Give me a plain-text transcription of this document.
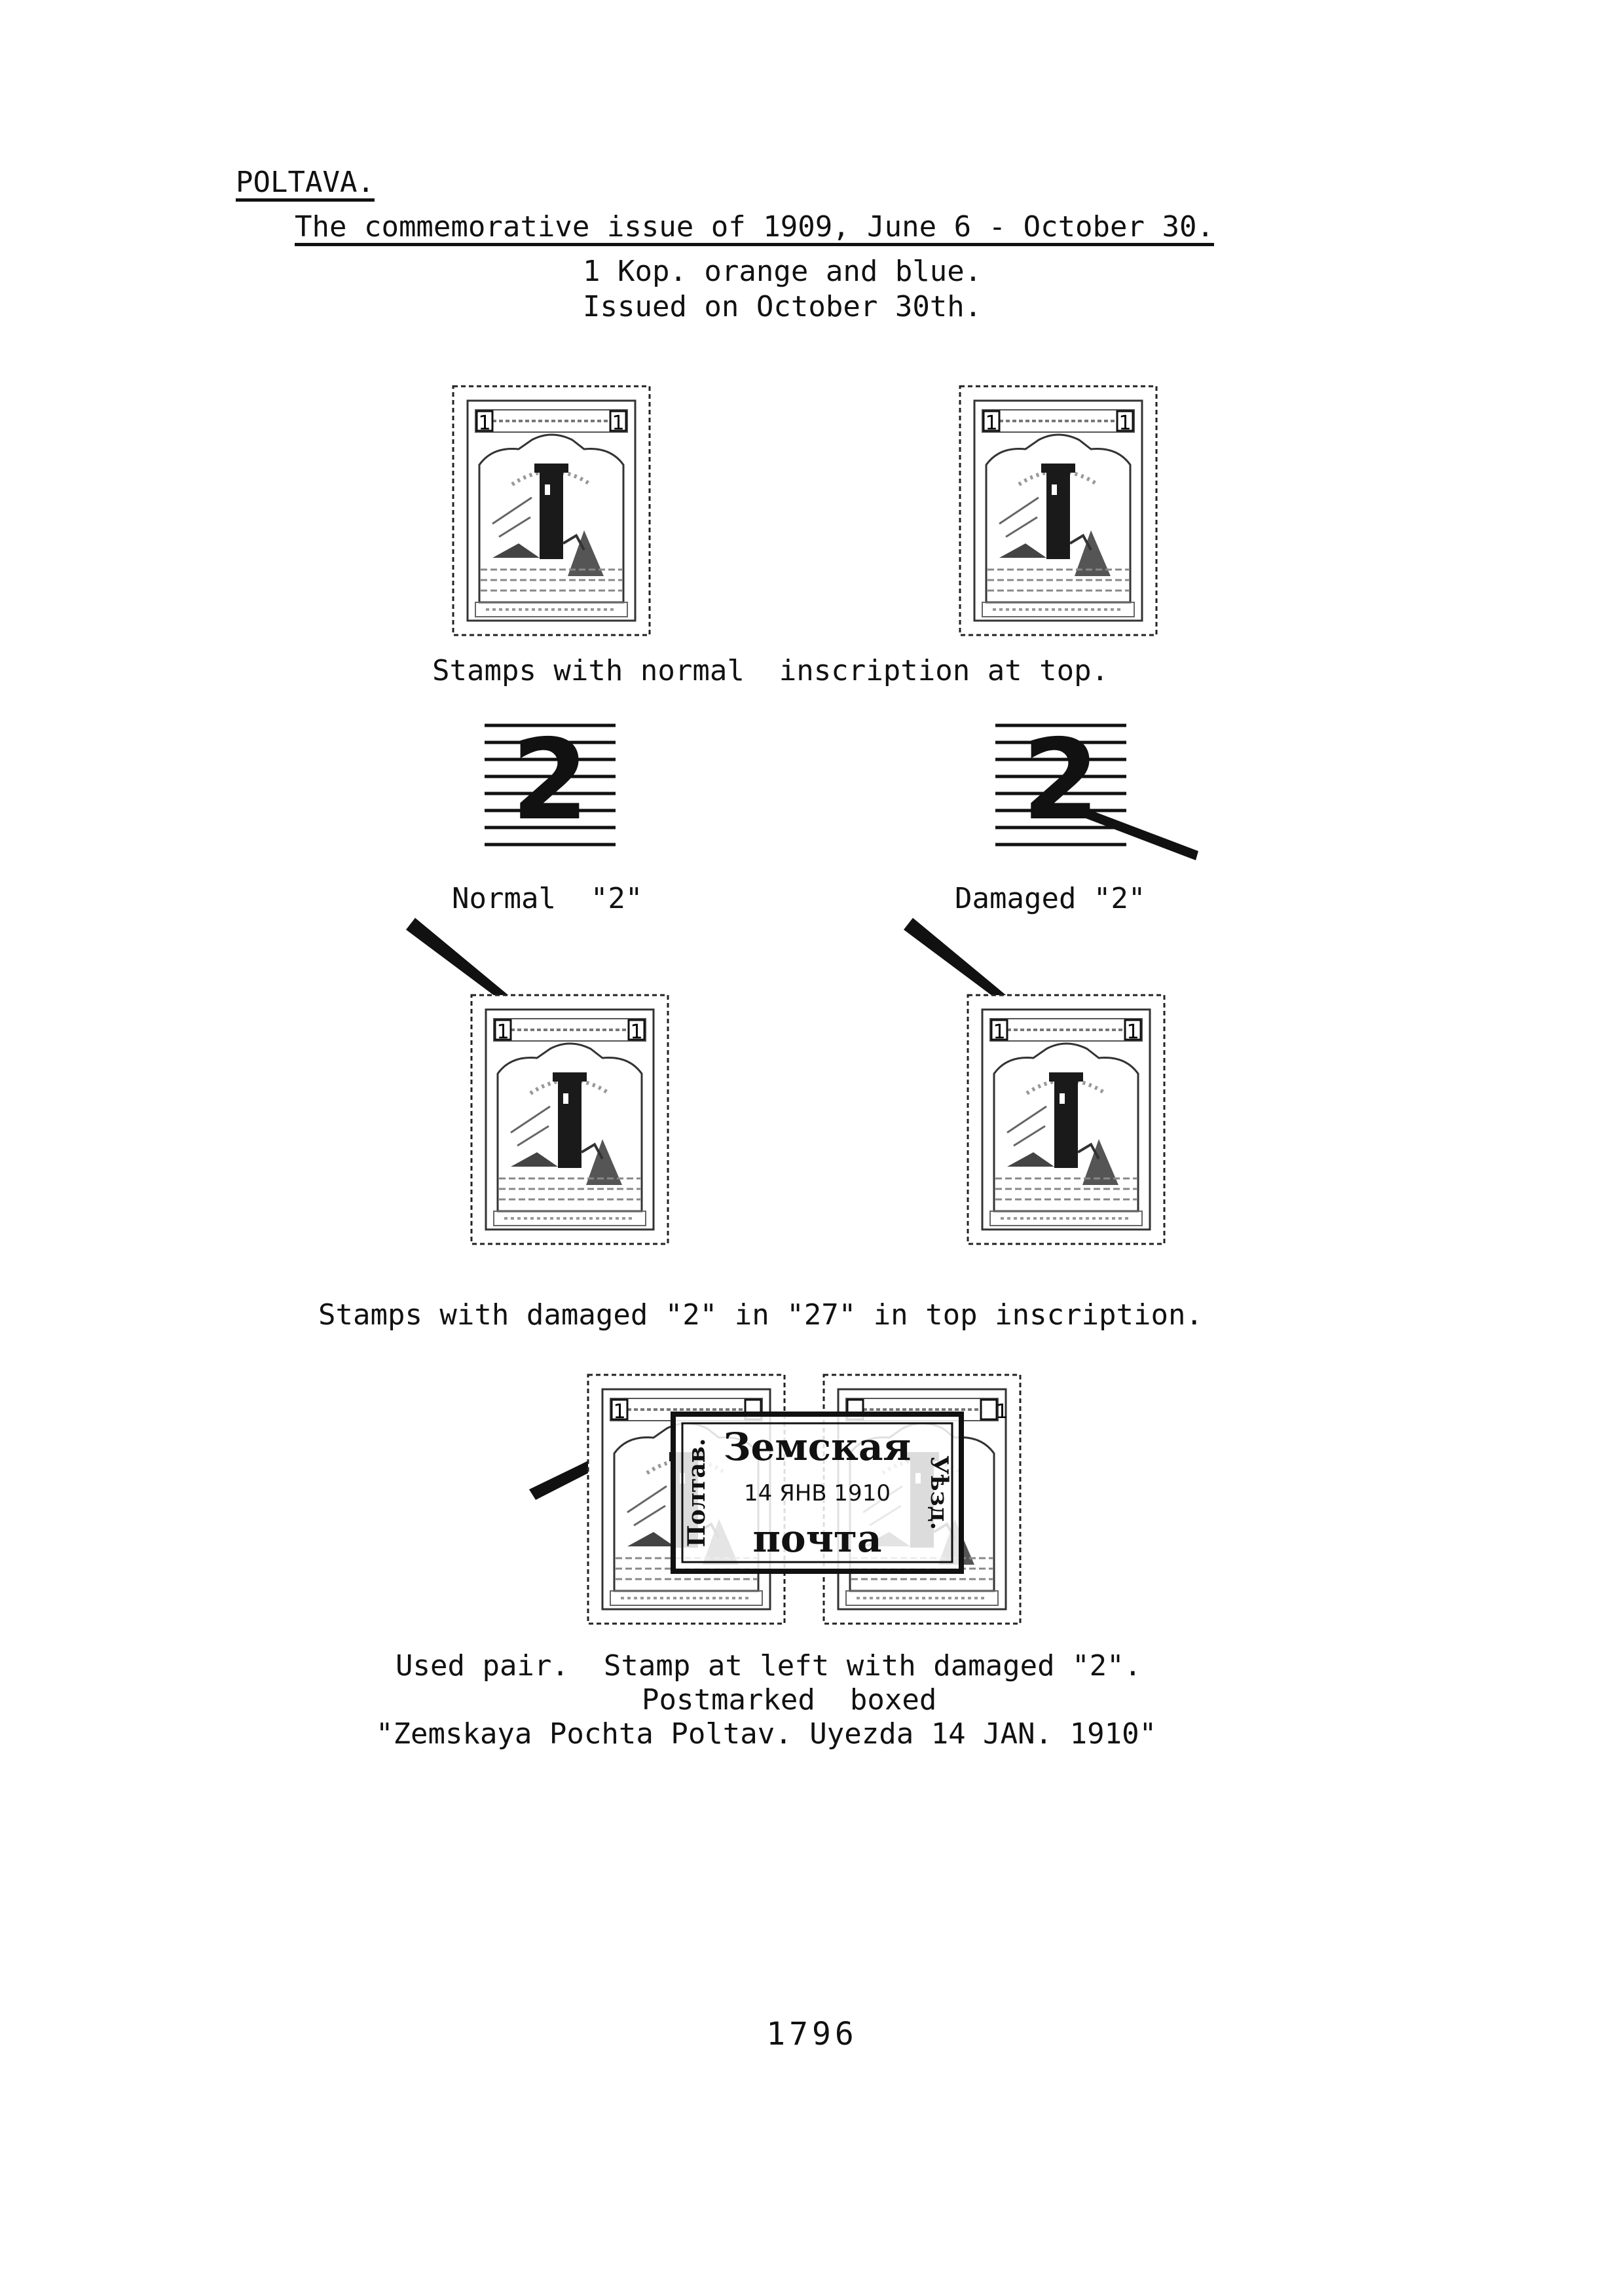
POLTAVA.
The commemorative issue of 1909, June 6 - October 30.
1 Kop. orange and blue.
Issued on October 30th.
1	1	1	1
Stamps with normal  inscription at top.
2	2
Normal  "2"	Damaged "2"
1	1	1	1
Stamps with damaged "2" in "27" in top inscription.
1	1
Земская
14 ЯНВ 1910
почта
Полтав.	Уѣзд.
Used pair.  Stamp at left with damaged "2".
Postmarked  boxed
"Zemskaya Pochta Poltav. Uyezda 14 JAN. 1910"
1796
